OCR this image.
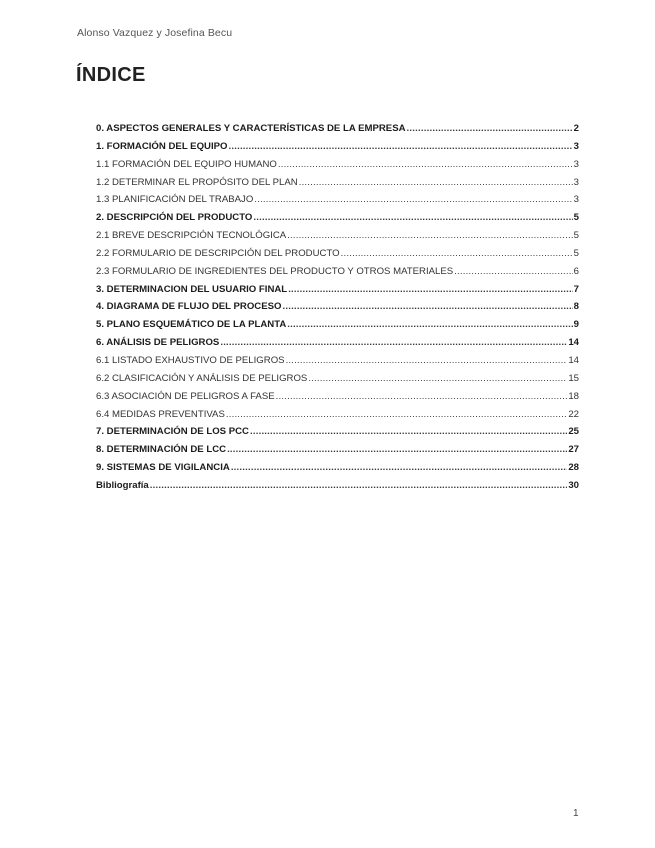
Alonso Vazquez y Josefina Becu
ÍNDICE
0. ASPECTOS GENERALES Y CARACTERÍSTICAS DE LA EMPRESA .....	2
1. FORMACIÓN DEL EQUIPO .....	3
1.1 FORMACIÓN DEL EQUIPO HUMANO .....	3
1.2 DETERMINAR EL PROPÓSITO DEL PLAN .....	3
1.3 PLANIFICACIÓN DEL TRABAJO .....	3
2. DESCRIPCIÓN DEL PRODUCTO .....	5
2.1 BREVE DESCRIPCIÓN TECNOLÓGICA .....	5
2.2 FORMULARIO DE DESCRIPCIÓN DEL PRODUCTO .....	5
2.3 FORMULARIO DE INGREDIENTES DEL PRODUCTO Y OTROS MATERIALES .....	6
3. DETERMINACION DEL USUARIO FINAL .....	7
4. DIAGRAMA DE FLUJO DEL PROCESO .....	8
5. PLANO ESQUEMÁTICO DE LA PLANTA .....	9
6. ANÁLISIS DE PELIGROS .....	14
6.1 LISTADO EXHAUSTIVO DE PELIGROS .....	14
6.2 CLASIFICACIÓN Y ANÁLISIS DE PELIGROS .....	15
6.3 ASOCIACIÓN DE PELIGROS A FASE .....	18
6.4 MEDIDAS PREVENTIVAS .....	22
7. DETERMINACIÓN DE LOS PCC .....	25
8. DETERMINACIÓN DE LCC .....	27
9. SISTEMAS DE VIGILANCIA .....	28
Bibliografía .....	30
1
